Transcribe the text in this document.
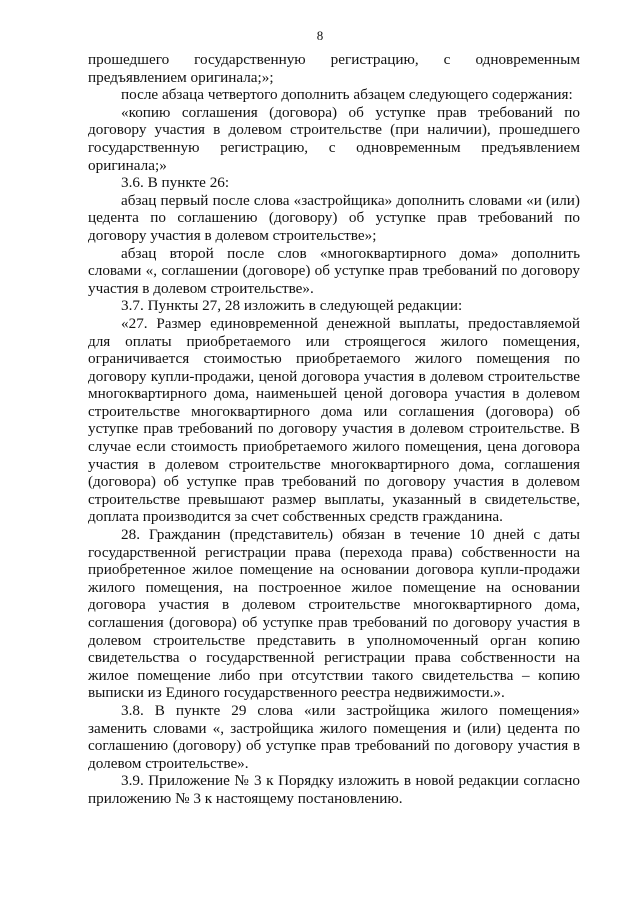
8

прошедшего государственную регистрацию, с одновременным предъявлением оригинала;»;

после абзаца четвертого дополнить абзацем следующего содержания:

«копию соглашения (договора) об уступке прав требований по договору участия в долевом строительстве (при наличии), прошедшего государственную регистрацию, с одновременным предъявлением оригинала;»

3.6. В пункте 26:

абзац первый после слова «застройщика» дополнить словами «и (или) цедента по соглашению (договору) об уступке прав требований по договору участия в долевом строительстве»;

абзац второй после слов «многоквартирного дома» дополнить словами «, соглашении (договоре) об уступке прав требований по договору участия в долевом строительстве».

3.7. Пункты 27, 28 изложить в следующей редакции:

«27. Размер единовременной денежной выплаты, предоставляемой для оплаты приобретаемого или строящегося жилого помещения, ограничивается стоимостью приобретаемого жилого помещения по договору купли-продажи, ценой договора участия в долевом строительстве многоквартирного дома, наименьшей ценой договора участия в долевом строительстве многоквартирного дома или соглашения (договора) об уступке прав требований по договору участия в долевом строительстве. В случае если стоимость приобретаемого жилого помещения, цена договора участия в долевом строительстве многоквартирного дома, соглашения (договора) об уступке прав требований по договору участия в долевом строительстве превышают размер выплаты, указанный в свидетельстве, доплата производится за счет собственных средств гражданина.

28. Гражданин (представитель) обязан в течение 10 дней с даты государственной регистрации права (перехода права) собственности на приобретенное жилое помещение на основании договора купли-продажи жилого помещения, на построенное жилое помещение на основании договора участия в долевом строительстве многоквартирного дома, соглашения (договора) об уступке прав требований по договору участия в долевом строительстве представить в уполномоченный орган копию свидетельства о государственной регистрации права собственности на жилое помещение либо при отсутствии такого свидетельства – копию выписки из Единого государственного реестра недвижимости.».

3.8. В пункте 29 слова «или застройщика жилого помещения» заменить словами «, застройщика жилого помещения и (или) цедента по соглашению (договору) об уступке прав требований по договору участия в долевом строительстве».

3.9. Приложение № 3 к Порядку изложить в новой редакции согласно приложению № 3 к настоящему постановлению.
